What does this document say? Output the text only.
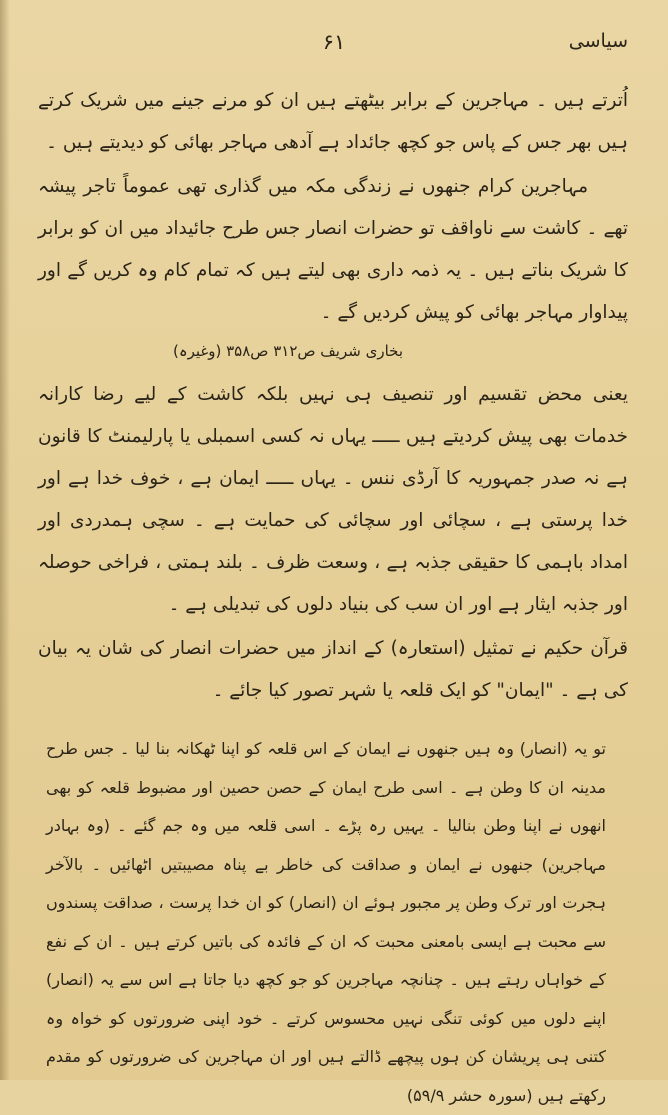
سیاسی
۶۱

اُترتے ہیں ۔ مہاجرین کے برابر بیٹھتے ہیں ان کو مرنے جینے میں شریک کرتے ہیں بھر جس کے پاس جو کچھ جائداد ہے آدھی مہاجر بھائی کو دیدیتے ہیں ۔

مہاجرین کرام جنھوں نے زندگی مکہ میں گذاری تھی عموماً تاجر پیشہ تھے ۔ کاشت سے ناواقف تو حضرات انصار جس طرح جائیداد میں ان کو برابر کا شریک بناتے ہیں ۔ یہ ذمہ داری بھی لیتے ہیں کہ تمام کام وہ کریں گے اور پیداوار مہاجر بھائی کو پیش کردیں گے ۔

بخاری شریف ص۳۱۲ ص۳۵۸ (وغیرہ)

یعنی محض تقسیم اور تنصیف ہی نہیں بلکہ کاشت کے لیے رضا کارانہ خدمات بھی پیش کردیتے ہیں ـــــ یہاں نہ کسی اسمبلی یا پارلیمنٹ کا قانون ہے نہ صدر جمہوریہ کا آرڈی ننس ۔ یہاں ـــــ ایمان ہے ، خوف خدا ہے اور خدا پرستی ہے ، سچائی اور سچائی کی حمایت ہے ۔ سچی ہمدردی اور امداد باہمی کا حقیقی جذبہ ہے ، وسعت ظرف ۔ بلند ہمتی ، فراخی حوصلہ اور جذبہ ایثار ہے اور ان سب کی بنیاد دلوں کی تبدیلی ہے ۔

قرآن حکیم نے تمثیل (استعارہ) کے انداز میں حضرات انصار کی شان یہ بیان کی ہے ۔ "ایمان" کو ایک قلعہ یا شہر تصور کیا جائے ۔

تو یہ (انصار) وہ ہیں جنھوں نے ایمان کے اس قلعہ کو اپنا ٹھکانہ بنا لیا ۔ جس طرح مدینہ ان کا وطن ہے ۔ اسی طرح ایمان کے حصن حصین اور مضبوط قلعہ کو بھی انھوں نے اپنا وطن بنالیا ۔ یہیں رہ پڑے ۔ اسی قلعہ میں وہ جم گئے ۔ (وہ بہادر مہاجرین) جنھوں نے ایمان و صداقت کی خاطر بے پناہ مصیبتیں اٹھائیں ۔ بالآخر ہجرت اور ترک وطن پر مجبور ہوئے ان (انصار) کو ان خدا پرست ، صداقت پسندوں سے محبت ہے ایسی بامعنی محبت کہ ان کے فائدہ کی باتیں کرتے ہیں ۔ ان کے نفع کے خواہاں رہتے ہیں ۔ چنانچہ مہاجرین کو جو کچھ دیا جاتا ہے اس سے یہ (انصار) اپنے دلوں میں کوئی تنگی نہیں محسوس کرتے ۔ خود اپنی ضرورتوں کو خواہ وہ کتنی ہی پریشان کن ہوں پیچھے ڈالتے ہیں اور ان مہاجرین کی ضرورتوں کو مقدم رکھتے ہیں (سورہ حشر ۵۹/۹)
